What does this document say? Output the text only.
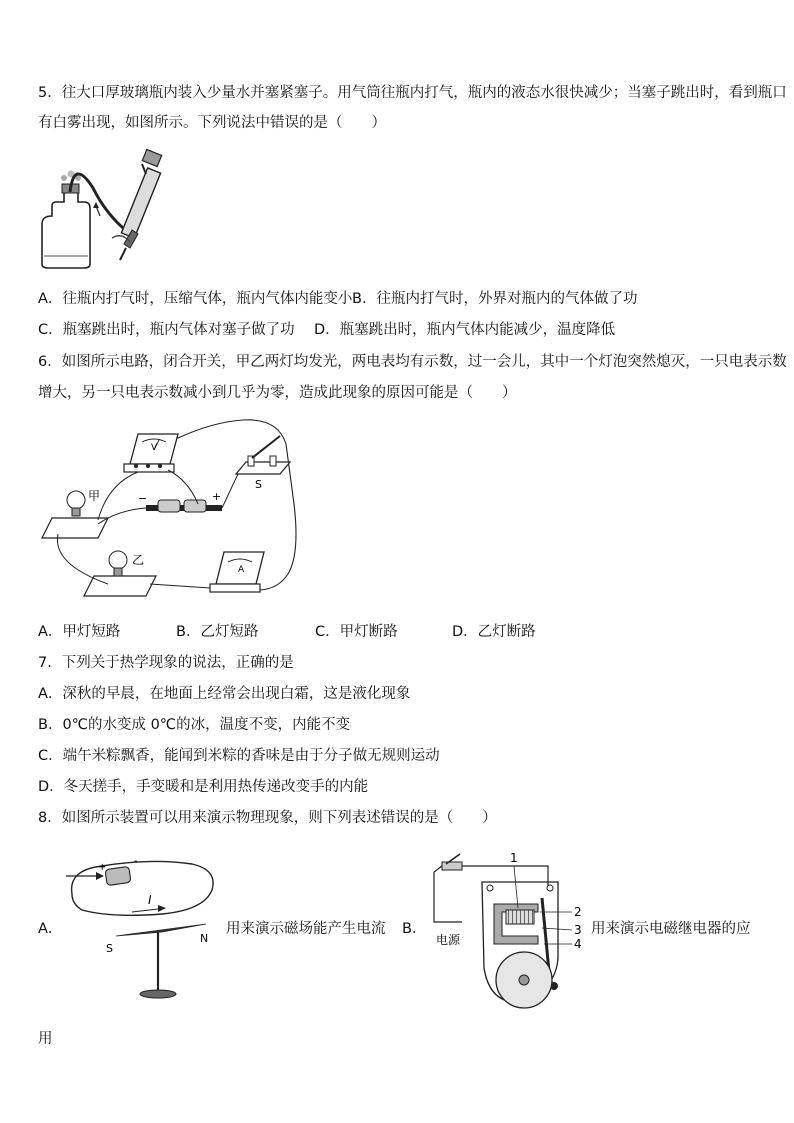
5．往大口厚玻璃瓶内装入少量水并塞紧塞子。用气筒往瓶内打气，瓶内的液态水很快减少；当塞子跳出时，看到瓶口
有白雾出现，如图所示。下列说法中错误的是（　　）
A．往瓶内打气时，压缩气体，瓶内气体内能变小 B．往瓶内打气时，外界对瓶内的气体做了功
C．瓶塞跳出时，瓶内气体对塞子做了功 D．瓶塞跳出时，瓶内气体内能减少，温度降低
6．如图所示电路，闭合开关，甲乙两灯均发光，两电表均有示数，过一会儿，其中一个灯泡突然熄灭，一只电表示数
增大，另一只电表示数减小到几乎为零，造成此现象的原因可能是（　　）
V
S
−	+
甲
乙
A
A．甲灯短路	B．乙灯短路	C．甲灯断路	D．乙灯断路
7．下列关于热学现象的说法，正确的是
A．深秋的早晨，在地面上经常会出现白霜，这是液化现象
B．0℃的水变成 0℃的冰，温度不变，内能不变
C．端午米粽飘香，能闻到米粽的香味是由于分子做无规则运动
D．冬天搓手，手变暖和是利用热传递改变手的内能
8．如图所示装置可以用来演示物理现象，则下列表述错误的是（　　）
A．
+
-
I
S
N
用来演示磁场能产生电流 B．
电源
1
2
3
4
用来演示电磁继电器的应
用
